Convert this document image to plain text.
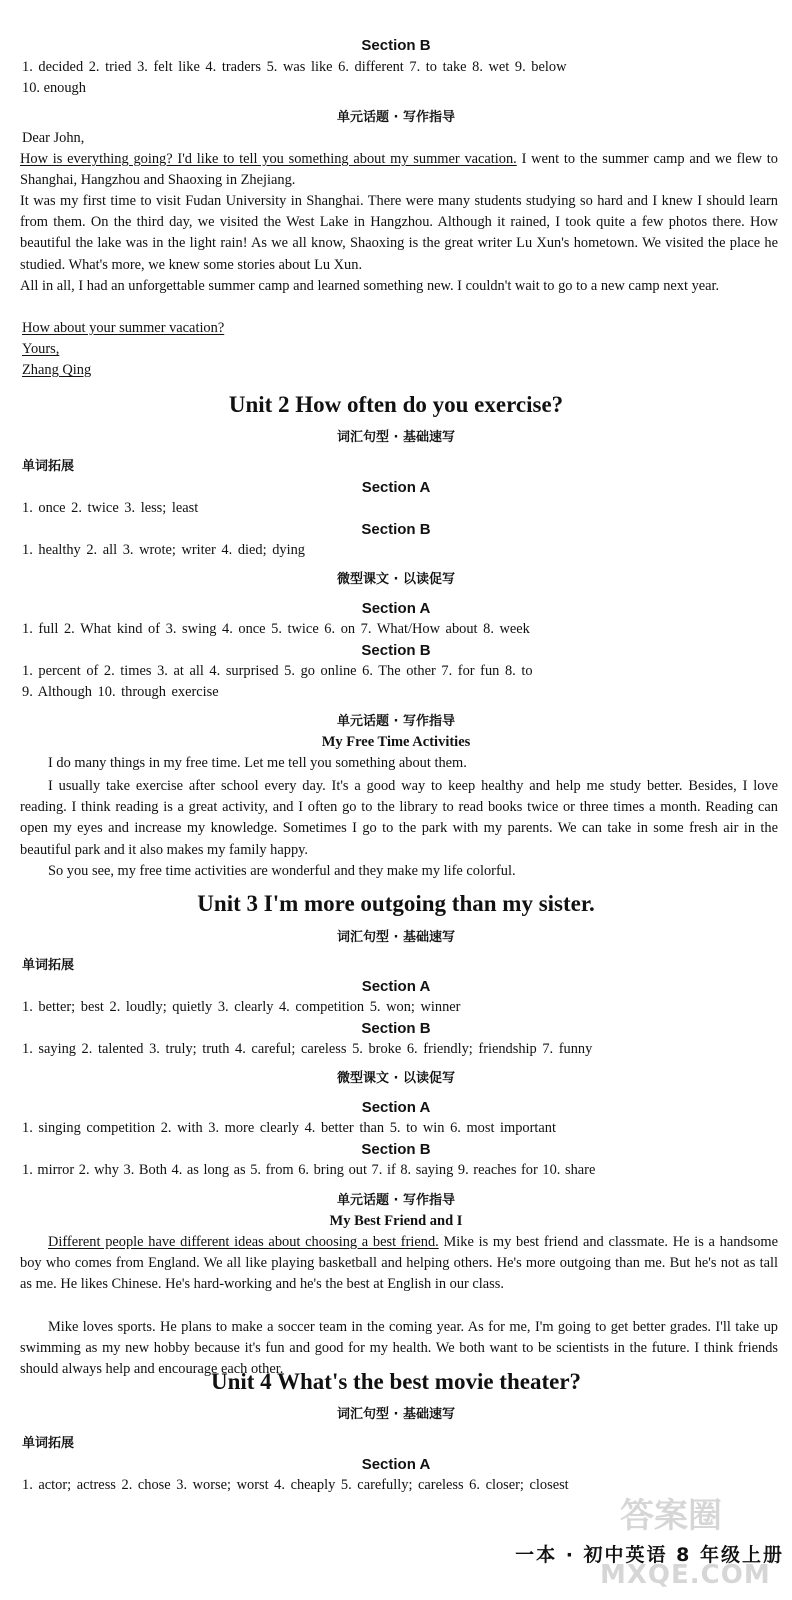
Section B
1. decided 2. tried 3. felt like 4. traders 5. was like 6. different 7. to take 8. wet 9. below
10. enough
单元话题 · 写作指导
Dear John,
How is everything going? I'd like to tell you something about my summer vacation. I went to the summer camp and we flew to Shanghai, Hangzhou and Shaoxing in Zhejiang.
It was my first time to visit Fudan University in Shanghai. There were many students studying so hard and I knew I should learn from them. On the third day, we visited the West Lake in Hangzhou. Although it rained, I took quite a few photos there. How beautiful the lake was in the light rain! As we all know, Shaoxing is the great writer Lu Xun's hometown. We visited the place he studied. What's more, we knew some stories about Lu Xun.
All in all, I had an unforgettable summer camp and learned something new. I couldn't wait to go to a new camp next year.
How about your summer vacation?
Yours,
Zhang Qing
Unit 2 How often do you exercise?
词汇句型 · 基础速写
单词拓展
Section A
1. once 2. twice 3. less; least
Section B
1. healthy 2. all 3. wrote; writer 4. died; dying
微型课文 · 以读促写
Section A
1. full 2. What kind of 3. swing 4. once 5. twice 6. on 7. What/How about 8. week
Section B
1. percent of 2. times 3. at all 4. surprised 5. go online 6. The other 7. for fun 8. to
9. Although 10. through exercise
单元话题 · 写作指导
My Free Time Activities
I do many things in my free time. Let me tell you something about them.
I usually take exercise after school every day. It's a good way to keep healthy and help me study better. Besides, I love reading. I think reading is a great activity, and I often go to the library to read books twice or three times a month. Reading can open my eyes and increase my knowledge. Sometimes I go to the park with my parents. We can take in some fresh air in the beautiful park and it also makes my family happy.
So you see, my free time activities are wonderful and they make my life colorful.
Unit 3 I'm more outgoing than my sister.
词汇句型 · 基础速写
单词拓展
Section A
1. better; best 2. loudly; quietly 3. clearly 4. competition 5. won; winner
Section B
1. saying 2. talented 3. truly; truth 4. careful; careless 5. broke 6. friendly; friendship 7. funny
微型课文 · 以读促写
Section A
1. singing competition 2. with 3. more clearly 4. better than 5. to win 6. most important
Section B
1. mirror 2. why 3. Both 4. as long as 5. from 6. bring out 7. if 8. saying 9. reaches for 10. share
单元话题 · 写作指导
My Best Friend and I
Different people have different ideas about choosing a best friend. Mike is my best friend and classmate. He is a handsome boy who comes from England. We all like playing basketball and helping others. He's more outgoing than me. But he's not as tall as me. He likes Chinese. He's hard-working and he's the best at English in our class.
Mike loves sports. He plans to make a soccer team in the coming year. As for me, I'm going to get better grades. I'll take up swimming as my new hobby because it's fun and good for my health. We both want to be scientists in the future. I think friends should always help and encourage each other.
Unit 4 What's the best movie theater?
词汇句型 · 基础速写
单词拓展
Section A
1. actor; actress 2. chose 3. worse; worst 4. cheaply 5. carefully; careless 6. closer; closest
答案圈
MXQE.COM
一本 · 初中英语 8 年级上册
